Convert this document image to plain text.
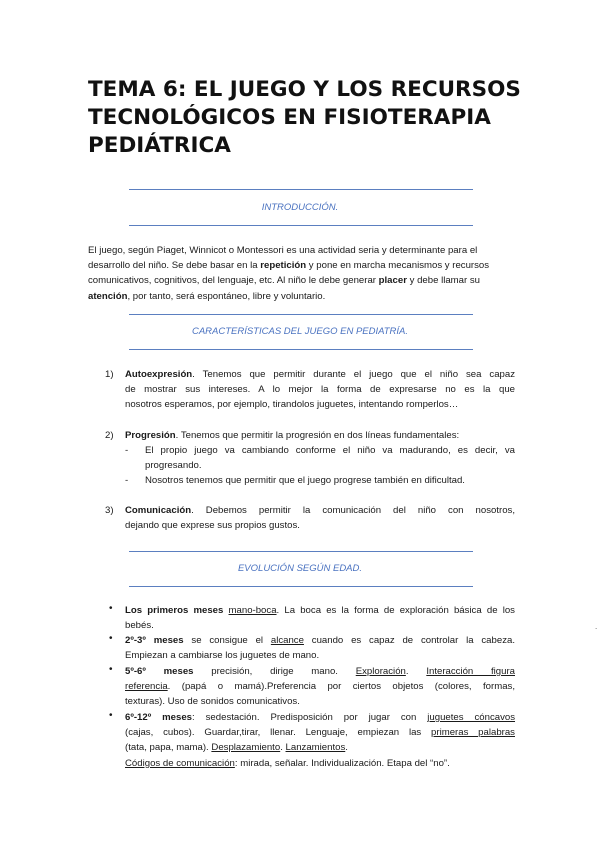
TEMA 6: EL JUEGO Y LOS RECURSOS
TECNOLÓGICOS EN FISIOTERAPIA
PEDIÁTRICA

INTRODUCCIÓN.

El juego, según Piaget, Winnicot o Montessori es una actividad seria y determinante para el
desarrollo del niño. Se debe basar en la repetición y pone en marcha mecanismos y recursos
comunicativos, cognitivos, del lenguaje, etc. Al niño le debe generar placer y debe llamar su
atención, por tanto, será espontáneo, libre y voluntario.

CARACTERÍSTICAS DEL JUEGO EN PEDIATRÍA.

1) Autoexpresión. Tenemos que permitir durante el juego que el niño sea capaz
de mostrar sus intereses. A lo mejor la forma de expresarse no es la que
nosotros esperamos, por ejemplo, tirandolos juguetes, intentando romperlos…
2) Progresión. Tenemos que permitir la progresión en dos líneas fundamentales:
- El propio juego va cambiando conforme el niño va madurando, es decir, va
progresando.
- Nosotros tenemos que permitir que el juego progrese también en dificultad.
3) Comunicación. Debemos permitir la comunicación del niño con nosotros,
dejando que exprese sus propios gustos.

EVOLUCIÓN SEGÚN EDAD.

• Los primeros meses mano-boca. La boca es la forma de exploración básica de los
bebés.
• 2º-3º meses se consigue el alcance cuando es capaz de controlar la cabeza.
Empiezan a cambiarse los juguetes de mano.
• 5º-6º meses precisión, dirige mano. Exploración. Interacción figura
referencia. (papá o mamá).Preferencia por ciertos objetos (colores, formas,
texturas). Uso de sonidos comunicativos.
• 6º-12º meses: sedestación. Predisposición por jugar con juguetes cóncavos
(cajas, cubos). Guardar,tirar, llenar. Lenguaje, empiezan las primeras palabras
(tata, papa, mama). Desplazamiento. Lanzamientos.
Códigos de comunicación: mirada, señalar. Individualización. Etapa del “no”.
.
